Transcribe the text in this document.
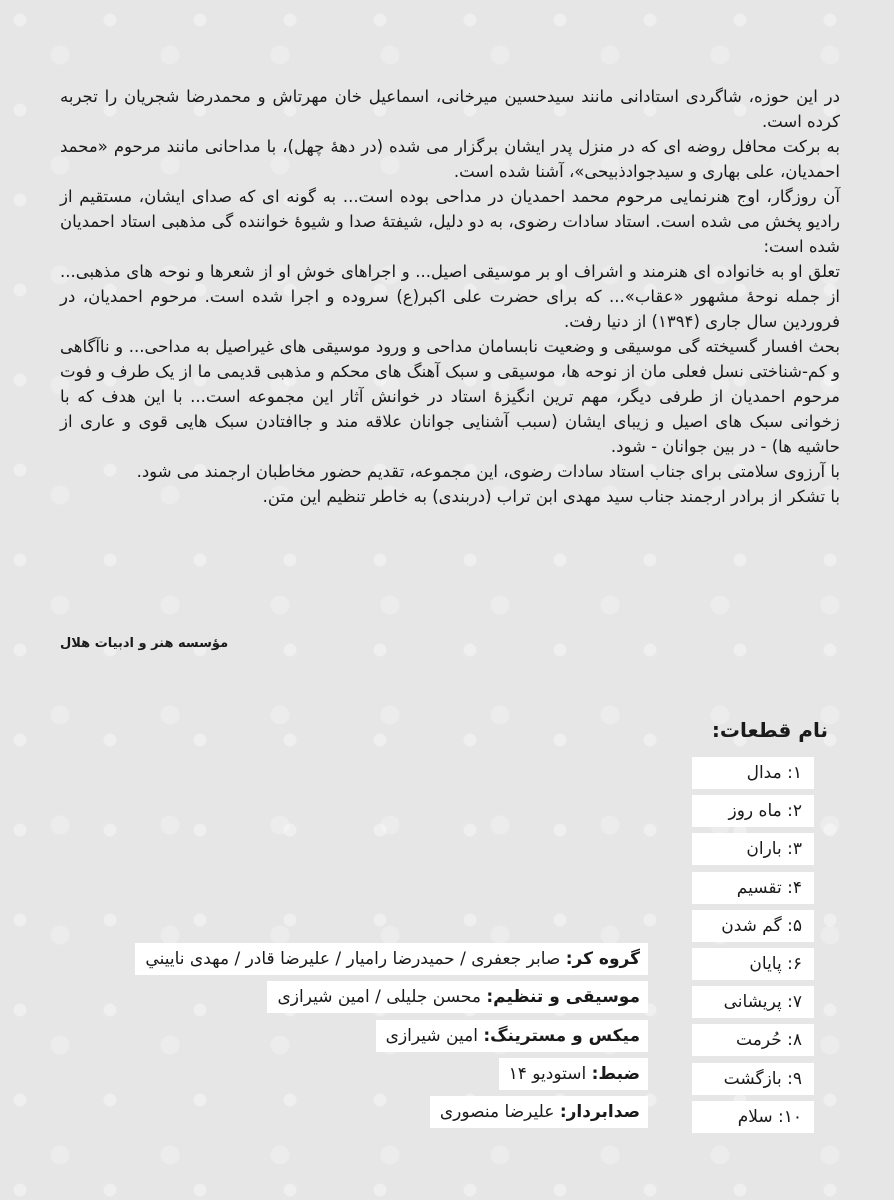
در این حوزه، شاگردی استادانی مانند سیدحسین میرخانی، اسماعیل خان مهرتاش و محمدرضا شجریان را تجربه کرده است.

به برکت محافل روضه ای که در منزل پدر ایشان برگزار می شده (در دهۀ چهل)، با مداحانی مانند مرحوم «محمد احمدیان، علی بهاری و سیدجوادذبیحی»، آشنا شده است.

آن روزگار، اوج هنرنمایی مرحوم محمد احمدیان در مداحی بوده است... به گونه ای که صدای ایشان، مستقیم از رادیو پخش می شده است. استاد سادات رضوی، به دو دلیل، شیفتۀ صدا و شیوۀ خواننده گی مذهبی استاد احمدیان شده است:

تعلق او به خانواده ای هنرمند و اشراف او بر موسیقی اصیل... و اجراهای خوش او از شعرها و نوحه های مذهبی... از جمله نوحۀ مشهور «عقاب»... که برای حضرت علی اکبر(ع) سروده و اجرا شده است. مرحوم احمدیان، در فروردین سال جاری (۱۳۹۴) از دنیا رفت.

بحث افسار گسیخته گی موسیقی و وضعیت نابسامان مداحی و ورود موسیقی های غیراصیل به مداحی... و ناآگاهی و کم-شناختی نسل فعلی مان از نوحه ها، موسیقی و سبک آهنگ های محکم و مذهبی قدیمی ما از یک طرف و فوت مرحوم احمدیان از طرفی دیگر، مهم ترین انگیزۀ استاد در خوانش آثار این مجموعه است... با این هدف که با زخوانی سبک های اصیل و زیبای ایشان (سبب آشنایی جوانان علاقه مند و جاافتادن سبک هایی قوی و عاری از حاشیه ها) - در بین جوانان - شود.

با آرزوی سلامتی برای جناب استاد سادات رضوی، این مجموعه، تقدیم حضور مخاطبان ارجمند می شود.

با تشکر از برادر ارجمند جناب سید مهدی ابن تراب (دربندی) به خاطر تنظیم این متن.

مؤسسه هنر و ادبیات هلال
نام قطعات:
۱: مدال
۲: ماه روز
۳: باران
۴: تقسیم
۵: گم شدن
۶: پایان
۷: پریشانی
۸: حُرمت
۹: بازگشت
۱۰: سلام
گروه کر: صابر جعفری / حمیدرضا رامیار / علیرضا قادر / مهدی ناییني
موسیقی و تنظیم: محسن جلیلی / امین شیرازی
میکس و مسترینگ: امین شیرازی
ضبط: استودیو ۱۴
صدابردار: علیرضا منصوری
